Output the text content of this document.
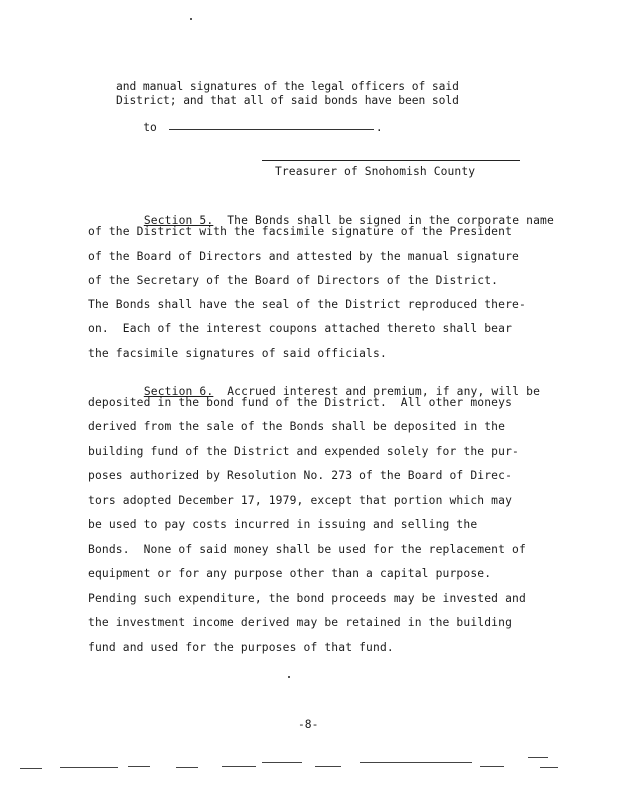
and manual signatures of the legal officers of said
District; and that all of said bonds have been sold

to	.

Treasurer of Snohomish County

Section 5. The Bonds shall be signed in the corporate name

of the District with the facsimile signature of the President
of the Board of Directors and attested by the manual signature
of the Secretary of the Board of Directors of the District.
The Bonds shall have the seal of the District reproduced there-
on.  Each of the interest coupons attached thereto shall bear
the facsimile signatures of said officials.

Section 6. Accrued interest and premium, if any, will be

deposited in the bond fund of the District.  All other moneys
derived from the sale of the Bonds shall be deposited in the
building fund of the District and expended solely for the pur-
poses authorized by Resolution No. 273 of the Board of Direc-
tors adopted December 17, 1979, except that portion which may
be used to pay costs incurred in issuing and selling the
Bonds.  None of said money shall be used for the replacement of
equipment or for any purpose other than a capital purpose.
Pending such expenditure, the bond proceeds may be invested and
the investment income derived may be retained in the building
fund and used for the purposes of that fund.
-8-
